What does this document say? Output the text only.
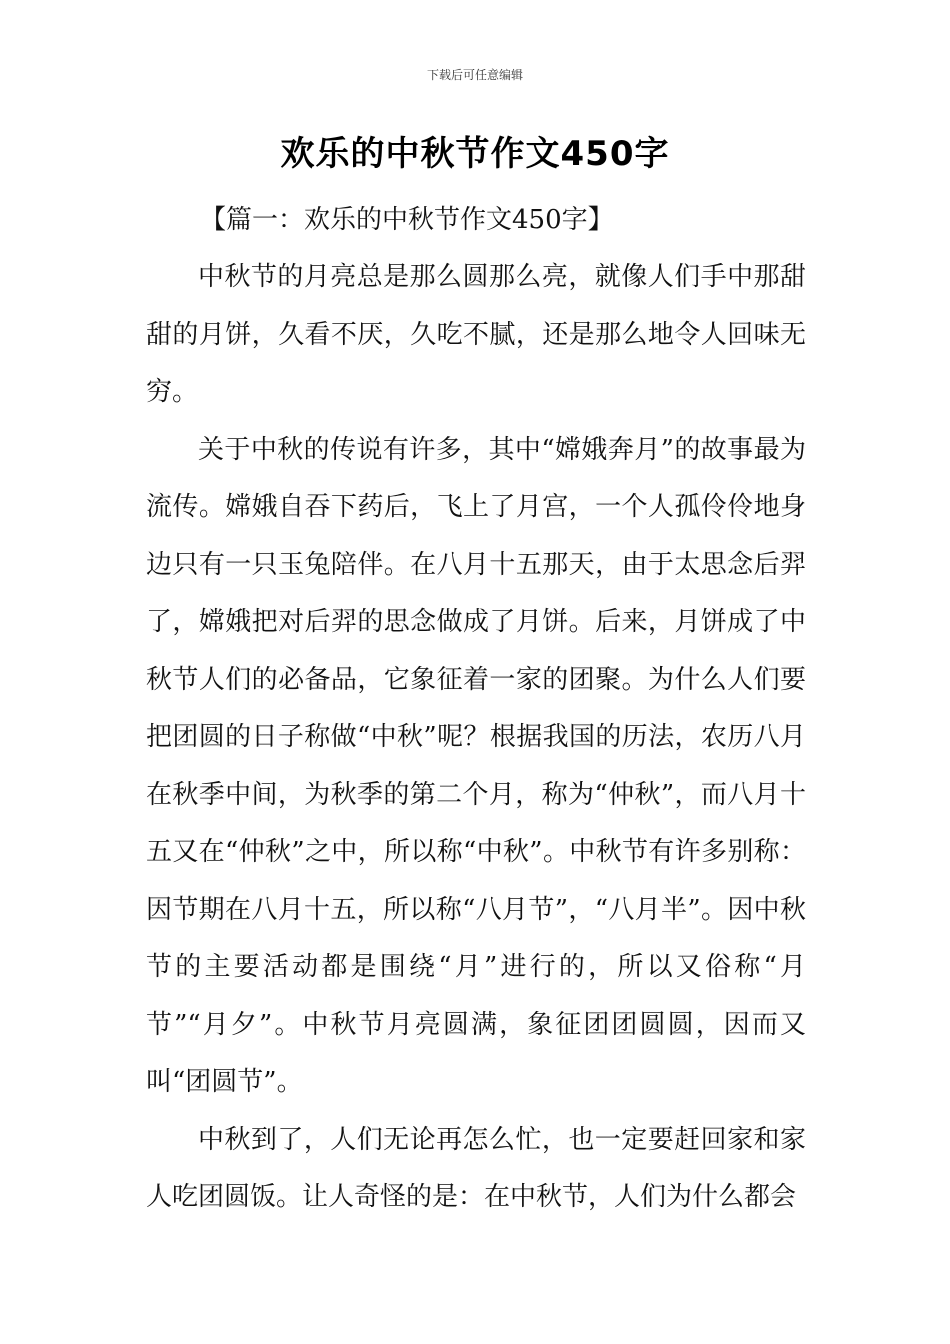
下载后可任意编辑
欢乐的中秋节作文450字

【篇一：欢乐的中秋节作文450字】

中秋节的月亮总是那么圆那么亮，就像人们手中那甜甜的月饼，久看不厌，久吃不腻，还是那么地令人回味无穷。

关于中秋的传说有许多，其中“嫦娥奔月”的故事最为流传。嫦娥自吞下药后，飞上了月宫，一个人孤伶伶地身边只有一只玉兔陪伴。在八月十五那天，由于太思念后羿了，嫦娥把对后羿的思念做成了月饼。后来，月饼成了中秋节人们的必备品，它象征着一家的团聚。为什么人们要把团圆的日子称做“中秋”呢？根据我国的历法，农历八月在秋季中间，为秋季的第二个月，称为“仲秋”，而八月十五又在“仲秋”之中，所以称“中秋”。中秋节有许多别称：因节期在八月十五，所以称“八月节”，“八月半”。因中秋节的主要活动都是围绕“月”进行的，所以又俗称“月节”“月夕”。中秋节月亮圆满，象征团团圆圆，因而又叫“团圆节”。

中秋到了，人们无论再怎么忙，也一定要赶回家和家人吃团圆饭。让人奇怪的是：在中秋节，人们为什么都会
